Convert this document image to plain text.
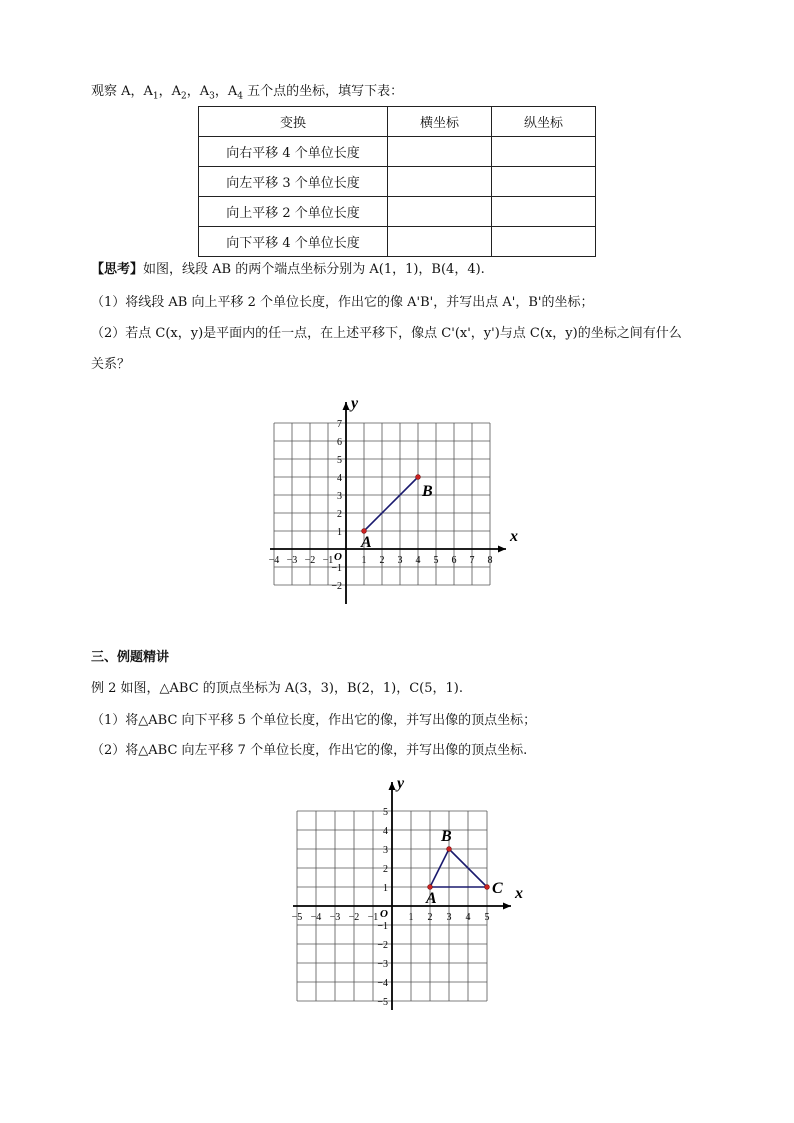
观察 A，$A_1$，$A_2$，$A_3$，$A_4$ 五个点的坐标，填写下表：
变换	横坐标	纵坐标
向右平移 4 个单位长度		
向左平移 3 个单位长度		
向上平移 2 个单位长度		
向下平移 4 个单位长度		
【思考】如图，线段 AB 的两个端点坐标分别为 A(1，1)，B(4，4).
（1）将线段 AB 向上平移 2 个单位长度，作出它的像 A'B'，并写出点 A'，B'的坐标；
（2）若点 C(x，y)是平面内的任一点，在上述平移下，像点 C'(x'，y')与点 C(x，y)的坐标之间有什么
关系？
x
y
O
−4 −3 −2 −1	1 2 3 4 5 6 7 8
7
6
5
4
3
2
1
−1
−2
A
B
三、例题精讲
例 2 如图，△ABC 的顶点坐标为 A(3，3)，B(2，1)，C(5，1).
（1）将△ABC 向下平移 5 个单位长度，作出它的像，并写出像的顶点坐标；
（2）将△ABC 向左平移 7 个单位长度，作出它的像，并写出像的顶点坐标.
x
y
O
−5 −4 −3 −2 −1	1 2 3 4 5
5
4
3
2
1
−1
−2
−3
−4
−5
A
B
C
